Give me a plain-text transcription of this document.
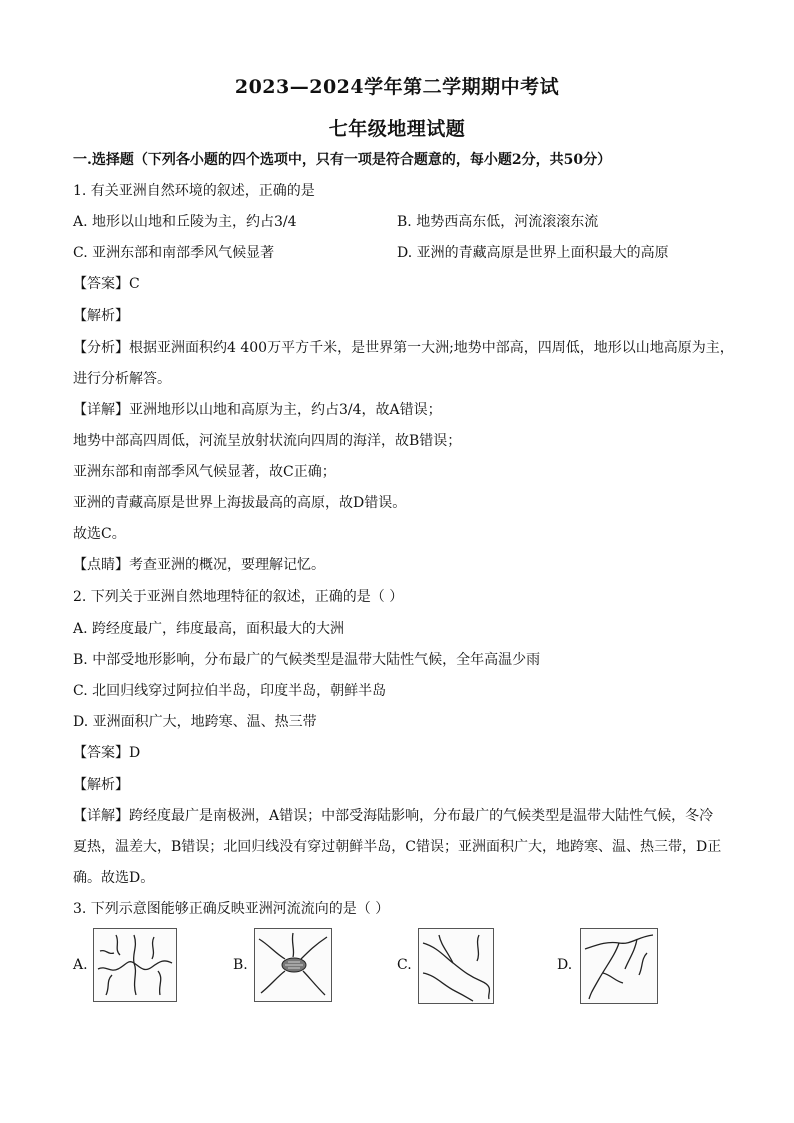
2023—2024学年第二学期期中考试
七年级地理试题
一.选择题（下列各小题的四个选项中，只有一项是符合题意的，每小题2分，共50分）
1. 有关亚洲自然环境的叙述，正确的是
A. 地形以山地和丘陵为主，约占3/4	B. 地势西高东低，河流滚滚东流
C. 亚洲东部和南部季风气候显著	D. 亚洲的青藏高原是世界上面积最大的高原
【答案】C
【解析】
【分析】根据亚洲面积约4 400万平方千米，是世界第一大洲;地势中部高，四周低，地形以山地高原为主，
进行分析解答。
【详解】亚洲地形以山地和高原为主，约占3/4，故A错误；
地势中部高四周低，河流呈放射状流向四周的海洋，故B错误；
亚洲东部和南部季风气候显著，故C正确；
亚洲的青藏高原是世界上海拔最高的高原，故D错误。
故选C。
【点睛】考查亚洲的概况，要理解记忆。
2. 下列关于亚洲自然地理特征的叙述，正确的是（ ）
A. 跨经度最广，纬度最高，面积最大的大洲
B. 中部受地形影响，分布最广的气候类型是温带大陆性气候，全年高温少雨
C. 北回归线穿过阿拉伯半岛，印度半岛，朝鲜半岛
D. 亚洲面积广大，地跨寒、温、热三带
【答案】D
【解析】
【详解】跨经度最广是南极洲，A错误；中部受海陆影响，分布最广的气候类型是温带大陆性气候，冬冷
夏热，温差大，B错误；北回归线没有穿过朝鲜半岛，C错误；亚洲面积广大，地跨寒、温、热三带，D正
确。故选D。
3. 下列示意图能够正确反映亚洲河流流向的是（ ）
A.	B.	C.	D.
